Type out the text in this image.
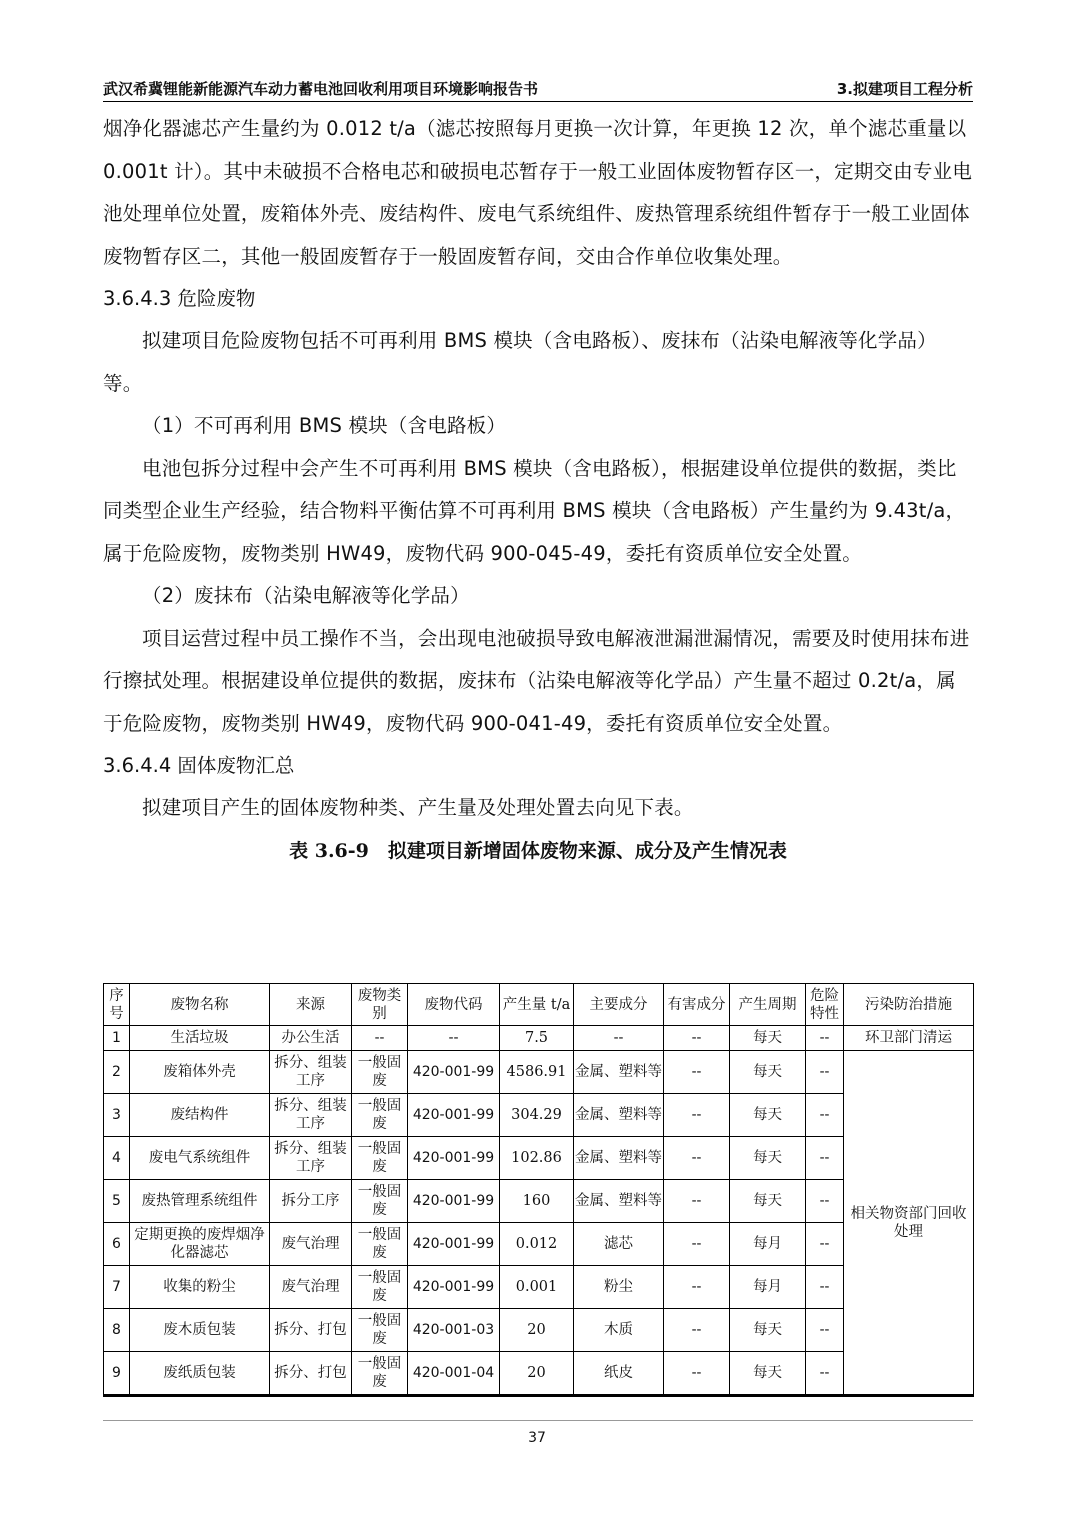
武汉希冀锂能新能源汽车动力蓄电池回收利用项目环境影响报告书	3.拟建项目工程分析

烟净化器滤芯产生量约为 0.012 t/a（滤芯按照每月更换一次计算，年更换 12 次，单个滤芯重量以 0.001t 计）。其中未破损不合格电芯和破损电芯暂存于一般工业固体废物暂存区一，定期交由专业电池处理单位处置，废箱体外壳、废结构件、废电气系统组件、废热管理系统组件暂存于一般工业固体废物暂存区二，其他一般固废暂存于一般固废暂存间，交由合作单位收集处理。

3.6.4.3 危险废物

拟建项目危险废物包括不可再利用 BMS 模块（含电路板）、废抹布（沾染电解液等化学品）等。

（1）不可再利用 BMS 模块（含电路板）

电池包拆分过程中会产生不可再利用 BMS 模块（含电路板），根据建设单位提供的数据，类比同类型企业生产经验，结合物料平衡估算不可再利用 BMS 模块（含电路板）产生量约为 9.43t/a，属于危险废物，废物类别 HW49，废物代码 900-045-49，委托有资质单位安全处置。

（2）废抹布（沾染电解液等化学品）

项目运营过程中员工操作不当，会出现电池破损导致电解液泄漏泄漏情况，需要及时使用抹布进行擦拭处理。根据建设单位提供的数据，废抹布（沾染电解液等化学品）产生量不超过 0.2t/a，属于危险废物，废物类别 HW49，废物代码 900-041-49，委托有资质单位安全处置。

3.6.4.4 固体废物汇总

拟建项目产生的固体废物种类、产生量及处理处置去向见下表。

表 3.6-9　拟建项目新增固体废物来源、成分及产生情况表
序号	废物名称	来源	废物类别	废物代码	产生量 t/a	主要成分	有害成分	产生周期	危险特性	污染防治措施
1	生活垃圾	办公生活	--	--	7.5	--	--	每天	--	环卫部门清运
2	废箱体外壳	拆分、组装工序	一般固废	420-001-99	4586.91	金属、塑料等	--	每天	--	相关物资部门回收处理
3	废结构件	拆分、组装工序	一般固废	420-001-99	304.29	金属、塑料等	--	每天	--	
4	废电气系统组件	拆分、组装工序	一般固废	420-001-99	102.86	金属、塑料等	--	每天	--	
5	废热管理系统组件	拆分工序	一般固废	420-001-99	160	金属、塑料等	--	每天	--	
6	定期更换的废焊烟净化器滤芯	废气治理	一般固废	420-001-99	0.012	滤芯	--	每月	--	
7	收集的粉尘	废气治理	一般固废	420-001-99	0.001	粉尘	--	每月	--	
8	废木质包装	拆分、打包	一般固废	420-001-03	20	木质	--	每天	--	
9	废纸质包装	拆分、打包	一般固废	420-001-04	20	纸皮	--	每天	--	
37
